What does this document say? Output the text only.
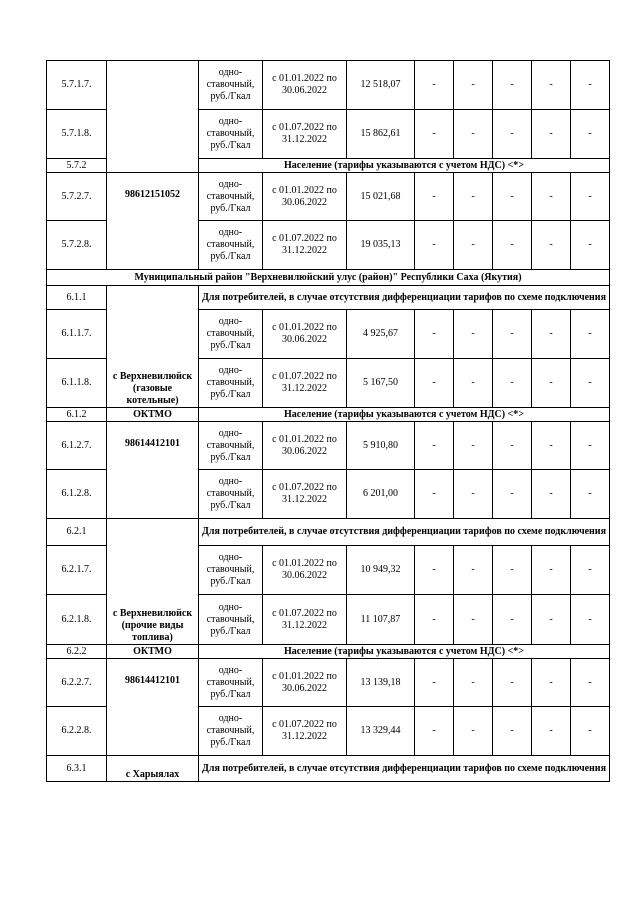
5.7.1.7.		одно-ставочный, руб./Гкал	с 01.01.2022 по 30.06.2022	12 518,07	-	-	-	-	-
5.7.1.8.		одно-ставочный, руб./Гкал	с 01.07.2022 по 31.12.2022	15 862,61	-	-	-	-	-
5.7.2		Население (тарифы указываются с учетом НДС) <*>							
5.7.2.7.	98612151052	одно-ставочный, руб./Гкал	с 01.01.2022 по 30.06.2022	15 021,68	-	-	-	-	-
5.7.2.8.		одно-ставочный, руб./Гкал	с 01.07.2022 по 31.12.2022	19 035,13	-	-	-	-	-
Муниципальный район "Верхневилюйский улус (район)" Республики Саха (Якутия)									
6.1.1	с Верхневилюйск (газовые котельные)	Для потребителей, в случае отсутствия дифференциации тарифов по схеме подключения							
6.1.1.7.		одно-ставочный, руб./Гкал	с 01.01.2022 по 30.06.2022	4 925,67	-	-	-	-	-
6.1.1.8.		одно-ставочный, руб./Гкал	с 01.07.2022 по 31.12.2022	5 167,50	-	-	-	-	-
6.1.2	ОКТМО	Население (тарифы указываются с учетом НДС) <*>							
6.1.2.7.	98614412101	одно-ставочный, руб./Гкал	с 01.01.2022 по 30.06.2022	5 910,80	-	-	-	-	-
6.1.2.8.		одно-ставочный, руб./Гкал	с 01.07.2022 по 31.12.2022	6 201,00	-	-	-	-	-
6.2.1	с Верхневилюйск (прочие виды топлива)	Для потребителей, в случае отсутствия дифференциации тарифов по схеме подключения							
6.2.1.7.		одно-ставочный, руб./Гкал	с 01.01.2022 по 30.06.2022	10 949,32	-	-	-	-	-
6.2.1.8.		одно-ставочный, руб./Гкал	с 01.07.2022 по 31.12.2022	11 107,87	-	-	-	-	-
6.2.2	ОКТМО	Население (тарифы указываются с учетом НДС) <*>							
6.2.2.7.	98614412101	одно-ставочный, руб./Гкал	с 01.01.2022 по 30.06.2022	13 139,18	-	-	-	-	-
6.2.2.8.		одно-ставочный, руб./Гкал	с 01.07.2022 по 31.12.2022	13 329,44	-	-	-	-	-
6.3.1	с Харыялах	Для потребителей, в случае отсутствия дифференциации тарифов по схеме подключения							
